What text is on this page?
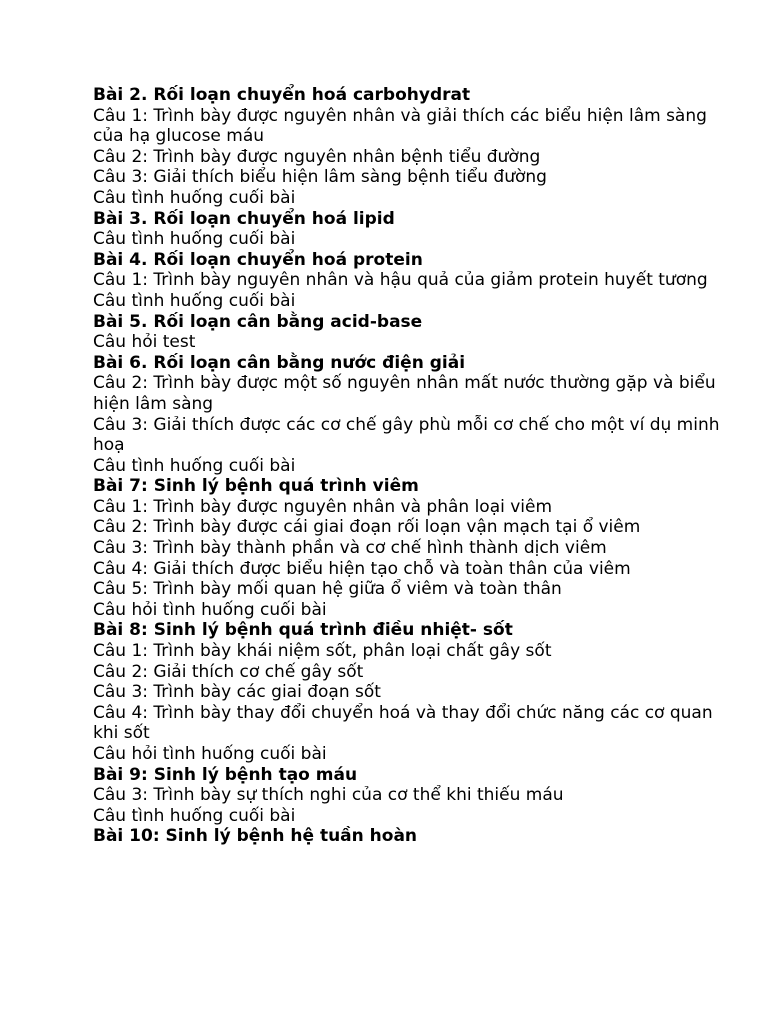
Bài 2. Rối loạn chuyển hoá carbohydrat

Câu 1: Trình bày được nguyên nhân và giải thích các biểu hiện lâm sàng của hạ glucose máu

Câu 2: Trình bày được nguyên nhân bệnh tiểu đường

Câu 3: Giải thích biểu hiện lâm sàng bệnh tiểu đường

Câu tình huống cuối bài

Bài 3. Rối loạn chuyển hoá lipid

Câu tình huống cuối bài

Bài 4. Rối loạn chuyển hoá protein

Câu 1: Trình bày nguyên nhân và hậu quả của giảm protein huyết tương

Câu tình huống cuối bài

Bài 5. Rối loạn cân bằng acid-base

Câu hỏi test

Bài 6. Rối loạn cân bằng nước điện giải

Câu 2: Trình bày được một số nguyên nhân mất nước thường gặp và biểu hiện lâm sàng

Câu 3: Giải thích được các cơ chế gây phù mỗi cơ chế cho một ví dụ minh hoạ

Câu tình huống cuối bài

Bài 7: Sinh lý bệnh quá trình viêm

Câu 1: Trình bày được nguyên nhân và phân loại viêm

Câu 2: Trình bày được cái giai đoạn rối loạn vận mạch tại ổ viêm

Câu 3: Trình bày thành phần và cơ chế hình thành dịch viêm

Câu 4: Giải thích được biểu hiện tạo chỗ và toàn thân của viêm

Câu 5: Trình bày mối quan hệ giữa ổ viêm và toàn thân

Câu hỏi tình huống cuối bài

Bài 8: Sinh lý bệnh quá trình điều nhiệt- sốt

Câu 1: Trình bày khái niệm sốt, phân loại chất gây sốt

Câu 2: Giải thích cơ chế gây sốt

Câu 3: Trình bày các giai đoạn sốt

Câu 4: Trình bày thay đổi chuyển hoá và thay đổi chức năng các cơ quan khi sốt

Câu hỏi tình huống cuối bài

Bài 9: Sinh lý bệnh tạo máu

Câu 3: Trình bày sự thích nghi của cơ thể khi thiếu máu

Câu tình huống cuối bài

Bài 10: Sinh lý bệnh hệ tuần hoàn
